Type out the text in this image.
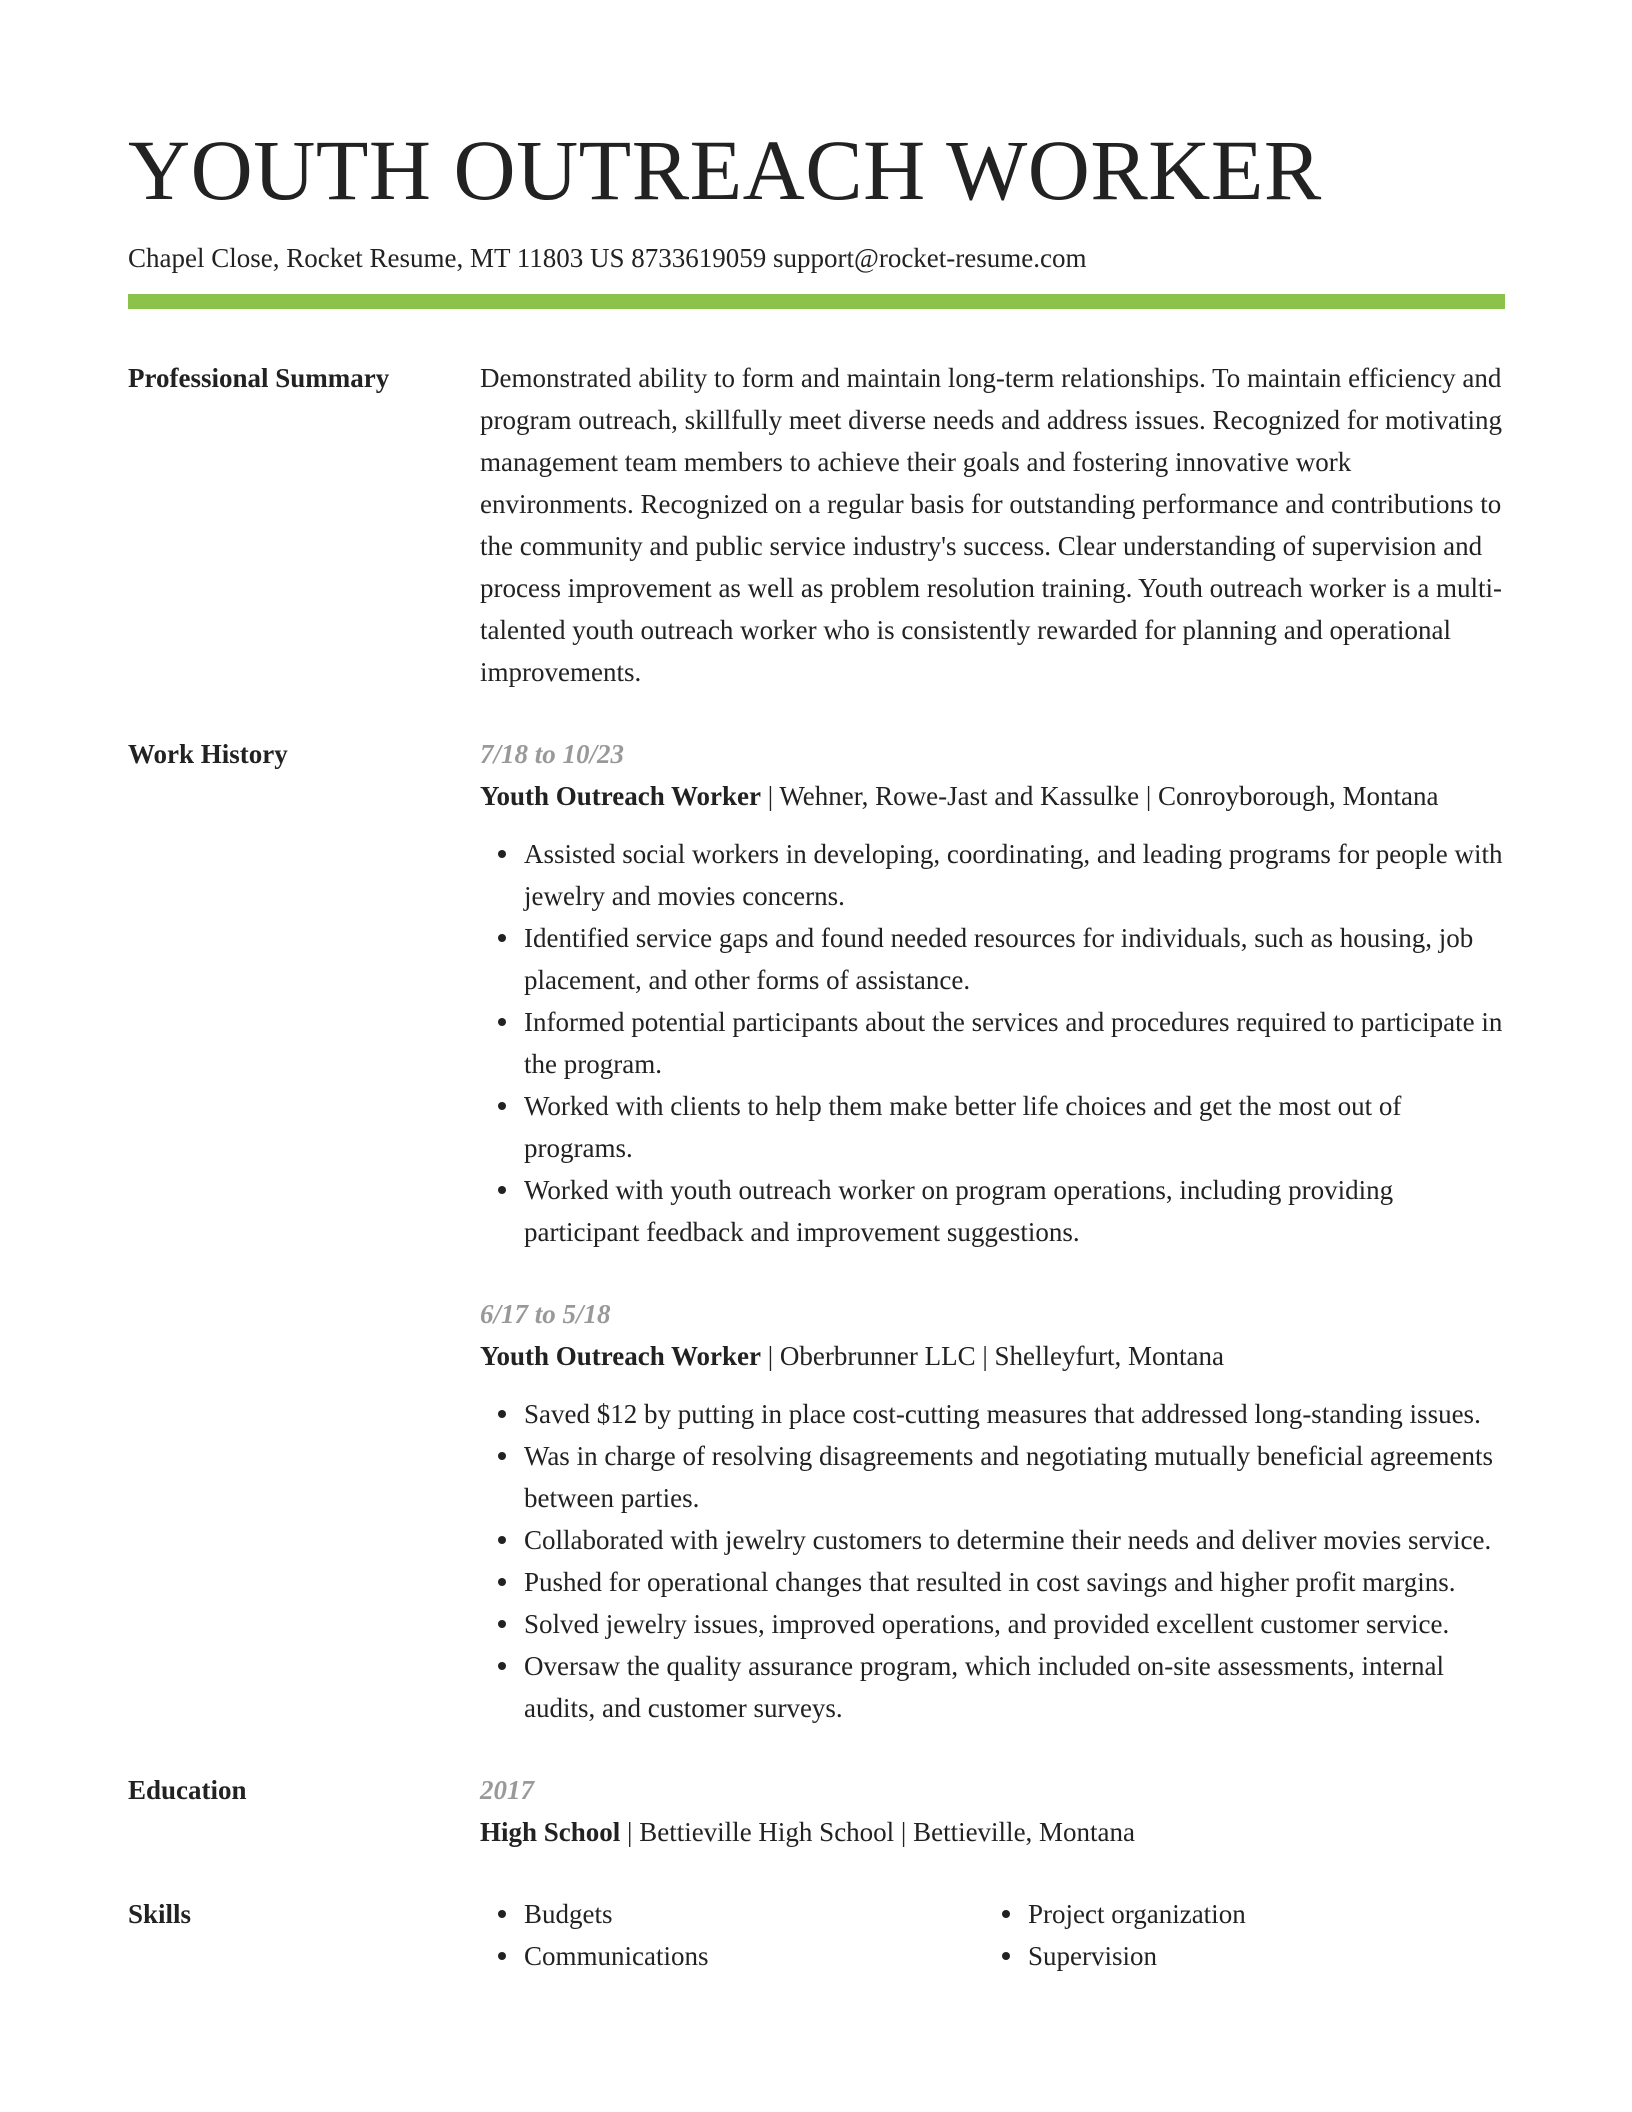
YOUTH OUTREACH WORKER
Chapel Close, Rocket Resume, MT 11803 US 8733619059 support@rocket-resume.com
Professional Summary	Demonstrated ability to form and maintain long-term relationships. To maintain efficiency and program outreach, skillfully meet diverse needs and address issues. Recognized for motivating management team members to achieve their goals and fostering innovative work environments. Recognized on a regular basis for outstanding performance and contributions to the community and public service industry's success. Clear understanding of supervision and process improvement as well as problem resolution training. Youth outreach worker is a multi-talented youth outreach worker who is consistently rewarded for planning and operational improvements.
Work History	7/18 to 10/23
Youth Outreach Worker | Wehner, Rowe-Jast and Kassulke | Conroyborough, Montana
Assisted social workers in developing, coordinating, and leading programs for people with jewelry and movies concerns.
Identified service gaps and found needed resources for individuals, such as housing, job placement, and other forms of assistance.
Informed potential participants about the services and procedures required to participate in the program.
Worked with clients to help them make better life choices and get the most out of programs.
Worked with youth outreach worker on program operations, including providing participant feedback and improvement suggestions.
6/17 to 5/18
Youth Outreach Worker | Oberbrunner LLC | Shelleyfurt, Montana
Saved $12 by putting in place cost-cutting measures that addressed long-standing issues.
Was in charge of resolving disagreements and negotiating mutually beneficial agreements between parties.
Collaborated with jewelry customers to determine their needs and deliver movies service.
Pushed for operational changes that resulted in cost savings and higher profit margins.
Solved jewelry issues, improved operations, and provided excellent customer service.
Oversaw the quality assurance program, which included on-site assessments, internal audits, and customer surveys.
Education	2017
High School | Bettieville High School | Bettieville, Montana
Skills	Budgets
Communications
Project organization
Supervision
